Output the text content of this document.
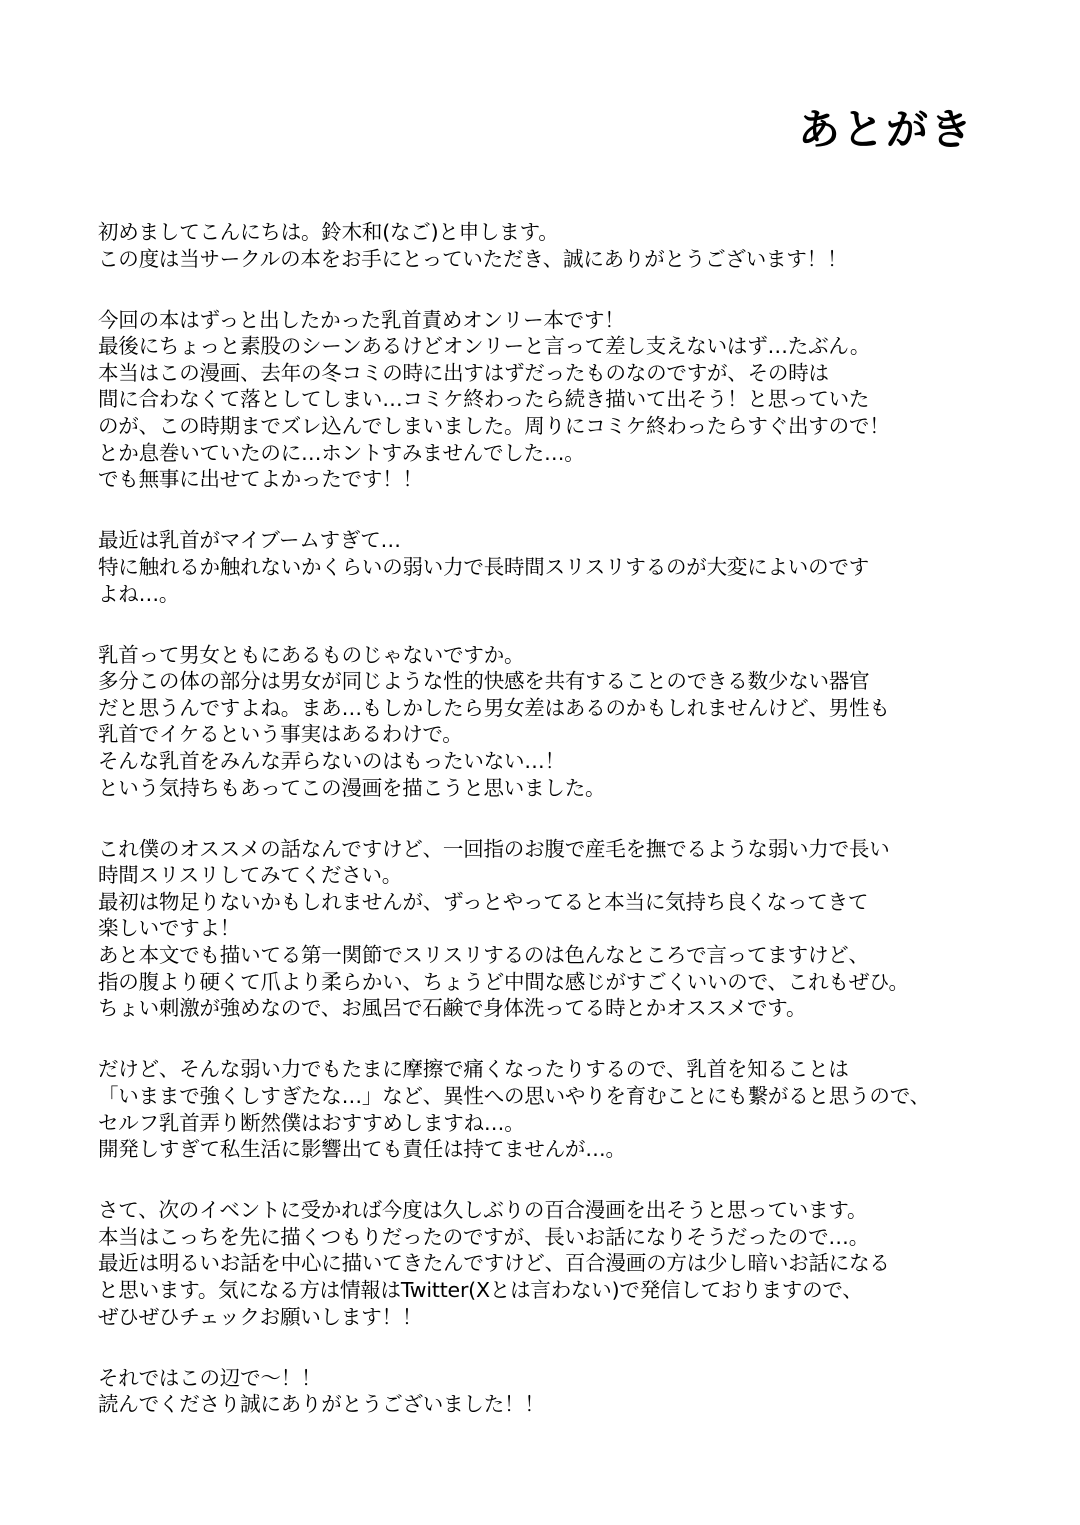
あとがき
初めましてこんにちは。鈴木和(なご)と申します。
この度は当サークルの本をお手にとっていただき、誠にありがとうございます！！
今回の本はずっと出したかった乳首責めオンリー本です！
最後にちょっと素股のシーンあるけどオンリーと言って差し支えないはず…たぶん。
本当はこの漫画、去年の冬コミの時に出すはずだったものなのですが、その時は
間に合わなくて落としてしまい…コミケ終わったら続き描いて出そう！と思っていた
のが、この時期までズレ込んでしまいました。周りにコミケ終わったらすぐ出すので！
とか息巻いていたのに…ホントすみませんでした…。
でも無事に出せてよかったです！！
最近は乳首がマイブームすぎて…
特に触れるか触れないかくらいの弱い力で長時間スリスリするのが大変によいのです
よね…。
乳首って男女ともにあるものじゃないですか。
多分この体の部分は男女が同じような性的快感を共有することのできる数少ない器官
だと思うんですよね。まあ…もしかしたら男女差はあるのかもしれませんけど、男性も
乳首でイケるという事実はあるわけで。
そんな乳首をみんな弄らないのはもったいない…！
という気持ちもあってこの漫画を描こうと思いました。
これ僕のオススメの話なんですけど、一回指のお腹で産毛を撫でるような弱い力で長い
時間スリスリしてみてください。
最初は物足りないかもしれませんが、ずっとやってると本当に気持ち良くなってきて
楽しいですよ！
あと本文でも描いてる第一関節でスリスリするのは色んなところで言ってますけど、
指の腹より硬くて爪より柔らかい、ちょうど中間な感じがすごくいいので、これもぜひ。
ちょい刺激が強めなので、お風呂で石鹸で身体洗ってる時とかオススメです。
だけど、そんな弱い力でもたまに摩擦で痛くなったりするので、乳首を知ることは
「いままで強くしすぎたな…」など、異性への思いやりを育むことにも繋がると思うので、
セルフ乳首弄り断然僕はおすすめしますね…。
開発しすぎて私生活に影響出ても責任は持てませんが…。
さて、次のイベントに受かれば今度は久しぶりの百合漫画を出そうと思っています。
本当はこっちを先に描くつもりだったのですが、長いお話になりそうだったので…。
最近は明るいお話を中心に描いてきたんですけど、百合漫画の方は少し暗いお話になる
と思います。気になる方は情報はTwitter(Xとは言わない)で発信しておりますので、
ぜひぜひチェックお願いします！！
それではこの辺で～！！
読んでくださり誠にありがとうございました！！
